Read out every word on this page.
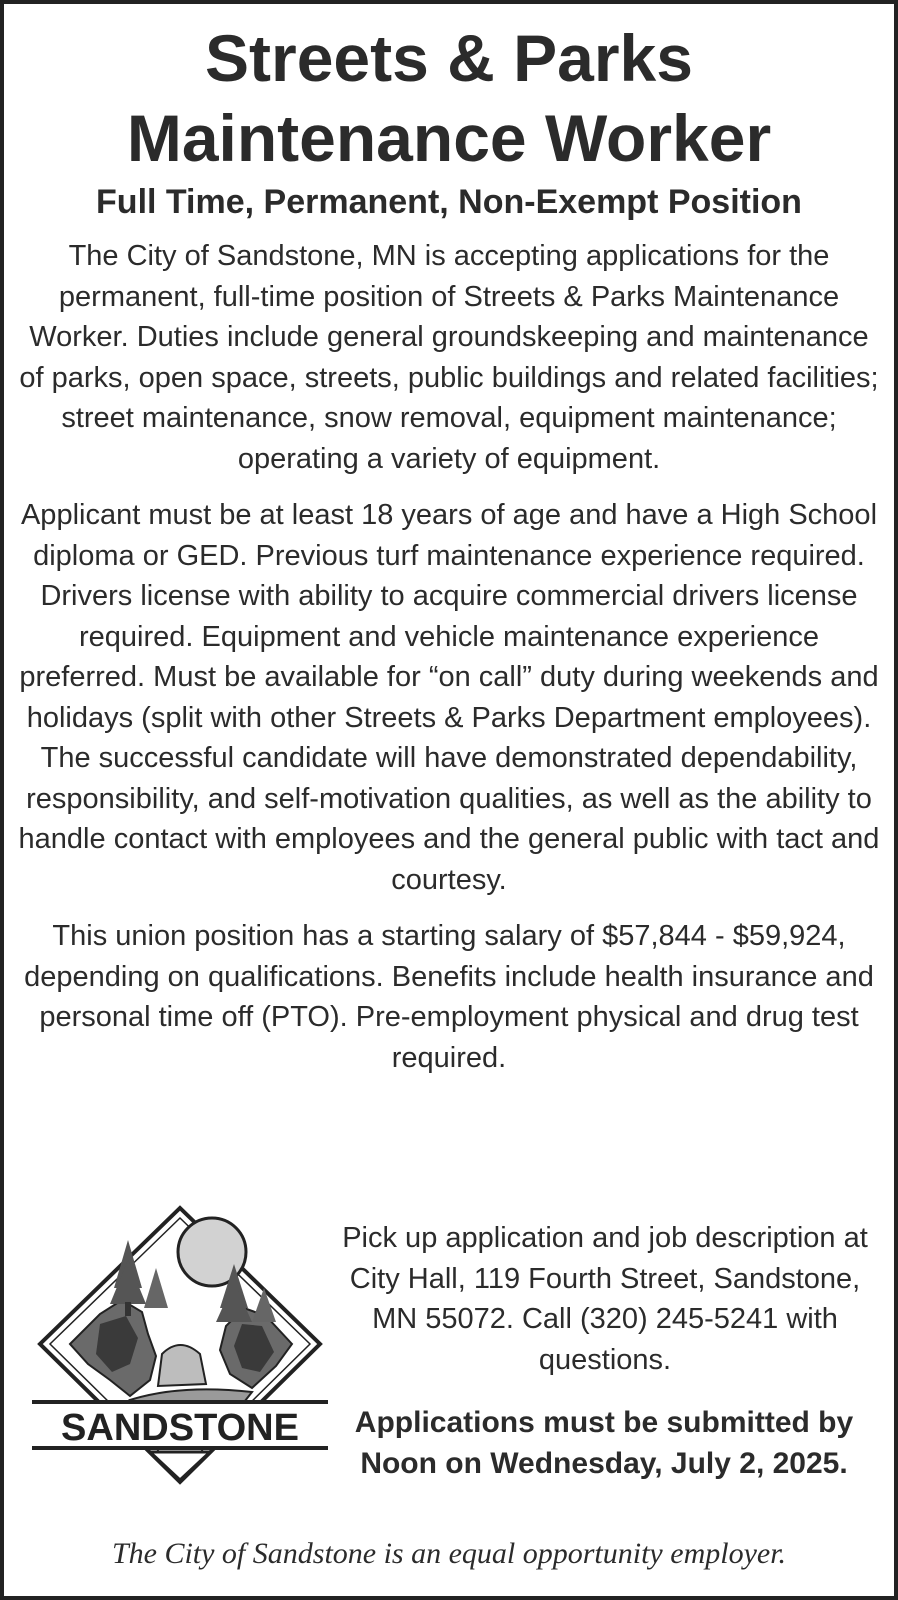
Streets & Parks
Maintenance Worker
Full Time, Permanent, Non-Exempt Position

The City of Sandstone, MN is accepting applications for the permanent, full-time position of Streets & Parks Maintenance Worker. Duties include general groundskeeping and maintenance of parks, open space, streets, public buildings and related facilities; street maintenance, snow removal, equipment maintenance; operating a variety of equipment.

Applicant must be at least 18 years of age and have a High School diploma or GED. Previous turf maintenance experience required. Drivers license with ability to acquire commercial drivers license required. Equipment and vehicle maintenance experience preferred. Must be available for “on call” duty during weekends and holidays (split with other Streets & Parks Department employees). The successful candidate will have demonstrated dependability, responsibility, and self-motivation qualities, as well as the ability to handle contact with employees and the general public with tact and courtesy.

This union position has a starting salary of $57,844 - $59,924, depending on qualifications. Benefits include health insurance and personal time off (PTO). Pre-employment physical and drug test required.

SANDSTONE
Pick up application and job description at City Hall, 119 Fourth Street, Sandstone, MN 55072. Call (320) 245-5241 with questions.
Applications must be submitted by Noon on Wednesday, July 2, 2025.
The City of Sandstone is an equal opportunity employer.
